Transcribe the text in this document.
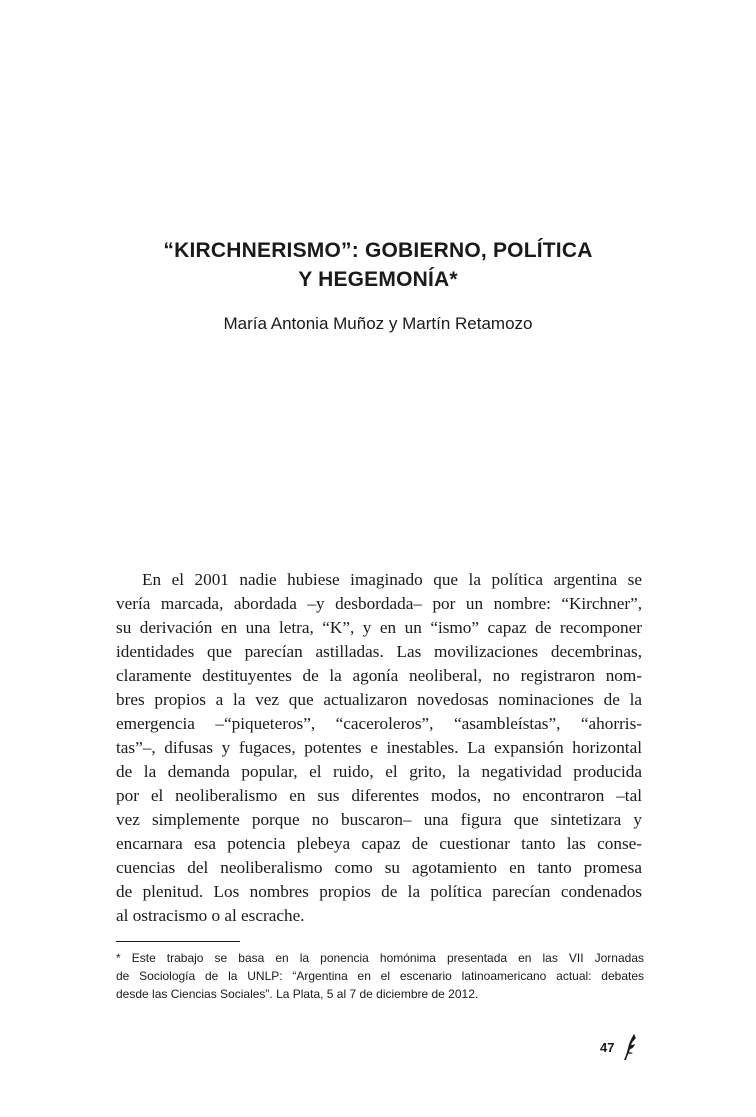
“KIRCHNERISMO”: GOBIERNO, POLÍTICA
Y HEGEMONÍA*

María Antonia Muñoz y Martín Retamozo

En el 2001 nadie hubiese imaginado que la política argentina se
vería marcada, abordada –y desbordada– por un nombre: “Kirchner”,
su derivación en una letra, “K”, y en un “ismo” capaz de recomponer
identidades que parecían astilladas. Las movilizaciones decembrinas,
claramente destituyentes de la agonía neoliberal, no registraron nom-
bres propios a la vez que actualizaron novedosas nominaciones de la
emergencia –“piqueteros”, “caceroleros”, “asambleístas”, “ahorris-
tas”–, difusas y fugaces, potentes e inestables. La expansión horizontal
de la demanda popular, el ruido, el grito, la negatividad producida
por el neoliberalismo en sus diferentes modos, no encontraron –tal
vez simplemente porque no buscaron– una figura que sintetizara y
encarnara esa potencia plebeya capaz de cuestionar tanto las conse-
cuencias del neoliberalismo como su agotamiento en tanto promesa
de plenitud. Los nombres propios de la política parecían condenados
al ostracismo o al escrache.
* Este trabajo se basa en la ponencia homónima presentada en las VII Jornadas
de Sociología de la UNLP: “Argentina en el escenario latinoamericano actual: debates
desde las Ciencias Sociales”. La Plata, 5 al 7 de diciembre de 2012.
47
